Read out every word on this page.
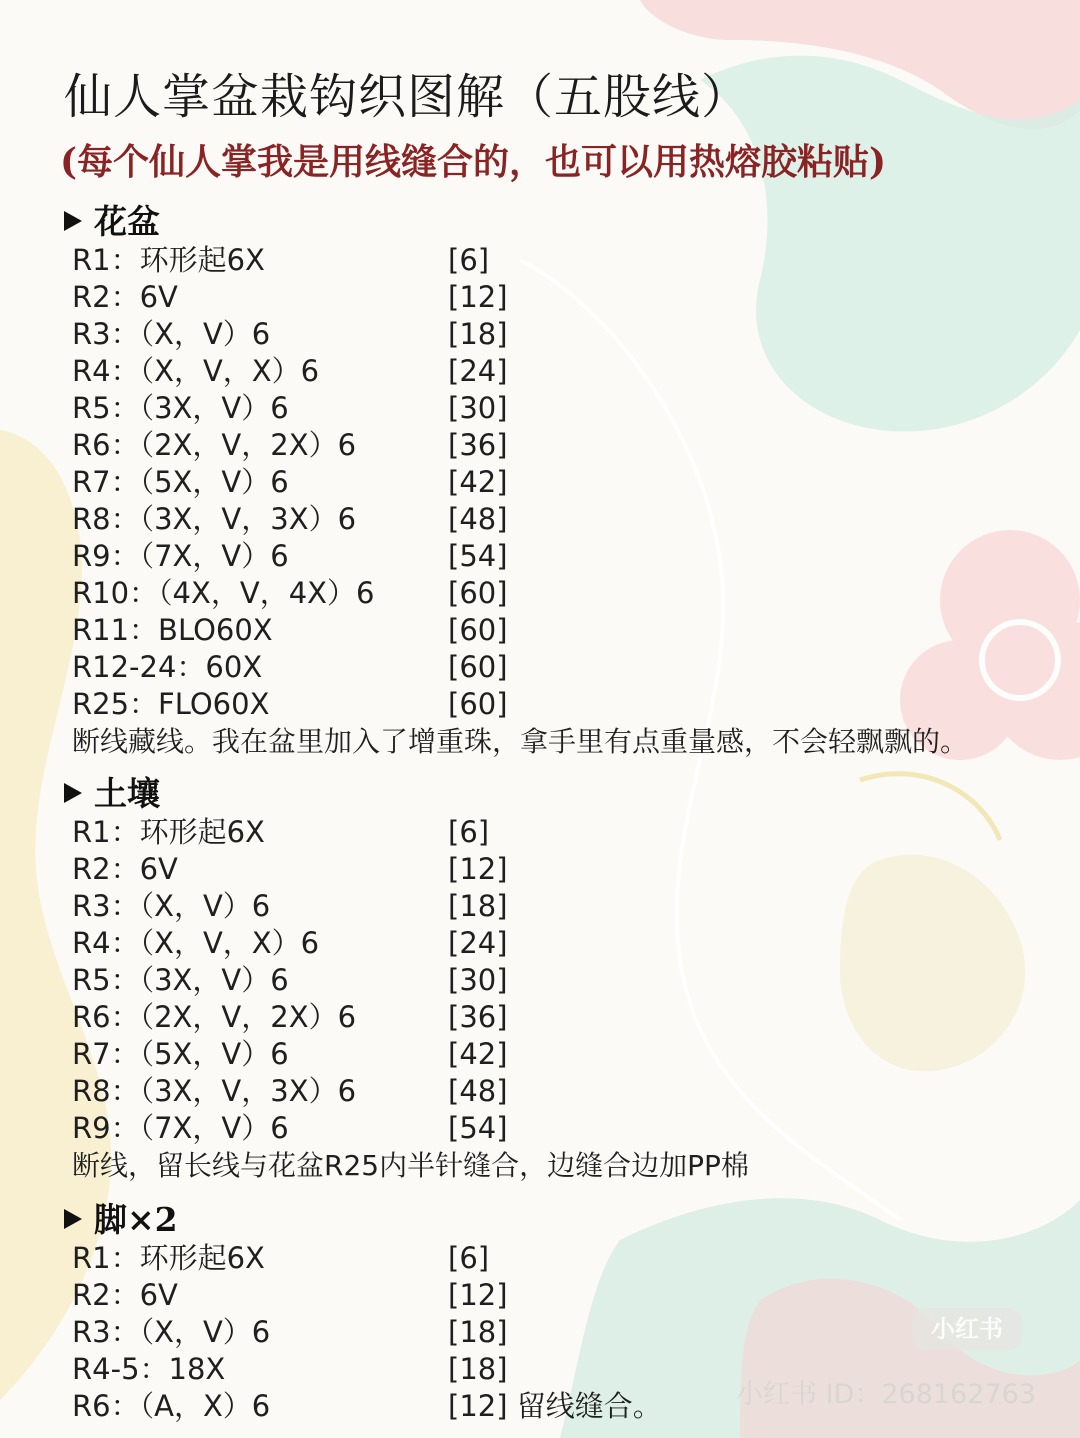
仙人掌盆栽钩织图解（五股线）
(每个仙人掌我是用线缝合的，也可以用热熔胶粘贴)
花盆
R1：环形起6X	[6]
R2：6V	[12]
R3：（X，V）6	[18]
R4：（X，V，X）6	[24]
R5：（3X，V）6	[30]
R6：（2X，V，2X）6	[36]
R7：（5X，V）6	[42]
R8：（3X，V，3X）6	[48]
R9：（7X，V）6	[54]
R10：（4X，V，4X）6	[60]
R11：BLO60X	[60]
R12-24：60X	[60]
R25：FLO60X	[60]
断线藏线。我在盆里加入了增重珠，拿手里有点重量感，不会轻飘飘的。
土壤
R1：环形起6X	[6]
R2：6V	[12]
R3：（X，V）6	[18]
R4：（X，V，X）6	[24]
R5：（3X，V）6	[30]
R6：（2X，V，2X）6	[36]
R7：（5X，V）6	[42]
R8：（3X，V，3X）6	[48]
R9：（7X，V）6	[54]
断线，留长线与花盆R25内半针缝合，边缝合边加PP棉
脚×2
R1：环形起6X	[6]
R2：6V	[12]
R3：（X，V）6	[18]
R4-5：18X	[18]
R6：（A，X）6	[12] 留线缝合。
小红书
小红书 ID：268162763
